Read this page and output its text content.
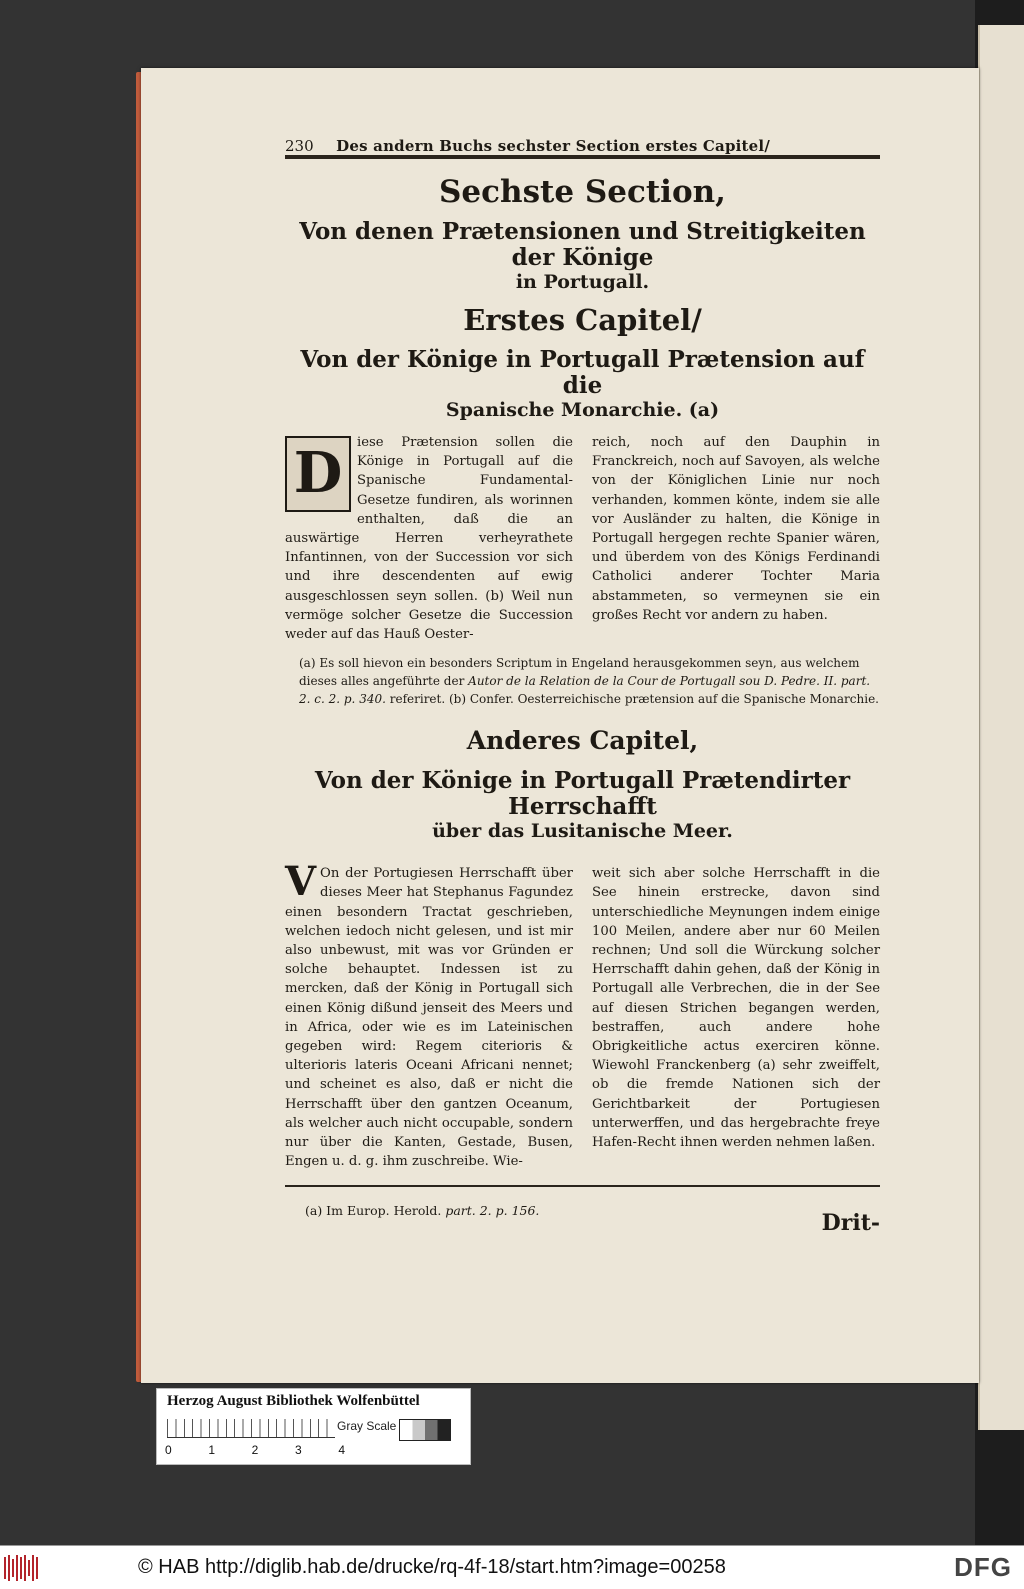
230 Des andern Buchs sechster Section erstes Capitel/
Sechste Section,
Von denen Prætensionen und Streitigkeiten der Könige
in Portugall.
Erstes Capitel/
Von der Könige in Portugall Prætension auf die
Spanische Monarchie. (a)
D	iese Prætension sollen die Könige in Portugall auf die Spanische Fundamental-Gesetze fundiren, als worinnen enthalten, daß die an auswärtige Herren verheyrathete Infantinnen, von der Succession vor sich und ihre descendenten auf ewig ausgeschlossen seyn sollen. (b) Weil nun vermöge solcher Gesetze die Succession weder auf das Hauß Oester-
reich, noch auf den Dauphin in Franckreich, noch auf Savoyen, als welche von der Königlichen Linie nur noch verhanden, kommen könte, indem sie alle vor Ausländer zu halten, die Könige in Portugall hergegen rechte Spanier wären, und überdem von des Königs Ferdinandi Catholici anderer Tochter Maria abstammeten, so vermeynen sie ein großes Recht vor andern zu haben.
(a) Es soll hievon ein besonders Scriptum in Engeland herausgekommen seyn, aus welchem dieses alles angeführte der Autor de la Relation de la Cour de Portugall sou D. Pedre. II. part. 2. c. 2. p. 340. referiret. (b) Confer. Oesterreichische prætension auf die Spanische Monarchie.
Anderes Capitel,
Von der Könige in Portugall Prætendirter Herrschafft
über das Lusitanische Meer.
V On der Portugiesen Herrschafft über dieses Meer hat Stephanus Fagundez einen besondern Tractat geschrieben, welchen iedoch nicht gelesen, und ist mir also unbewust, mit was vor Gründen er solche behauptet. Indessen ist zu mercken, daß der König in Portugall sich einen König dißund jenseit des Meers und in Africa, oder wie es im Lateinischen gegeben wird: Regem citerioris & ulterioris lateris Oceani Africani nennet; und scheinet es also, daß er nicht die Herrschafft über den gantzen Oceanum, als welcher auch nicht occupable, sondern nur über die Kanten, Gestade, Busen, Engen u. d. g. ihm zuschreibe. Wie-
weit sich aber solche Herrschafft in die See hinein erstrecke, davon sind unterschiedliche Meynungen indem einige 100 Meilen, andere aber nur 60 Meilen rechnen; Und soll die Würckung solcher Herrschafft dahin gehen, daß der König in Portugall alle Verbrechen, die in der See auf diesen Strichen begangen werden, bestraffen, auch andere hohe Obrigkeitliche actus exerciren könne. Wiewohl Franckenberg (a) sehr zweiffelt, ob die fremde Nationen sich der Gerichtbarkeit der Portugiesen unterwerffen, und das hergebrachte freye Hafen-Recht ihnen werden nehmen laßen.
(a) Im Europ. Herold. part. 2. p. 156.	Drit-
Herzog August Bibliothek Wolfenbüttel
Gray Scale
0	1	2	3	4
© HAB http://diglib.hab.de/drucke/rq-4f-18/start.htm?image=00258	DFG
